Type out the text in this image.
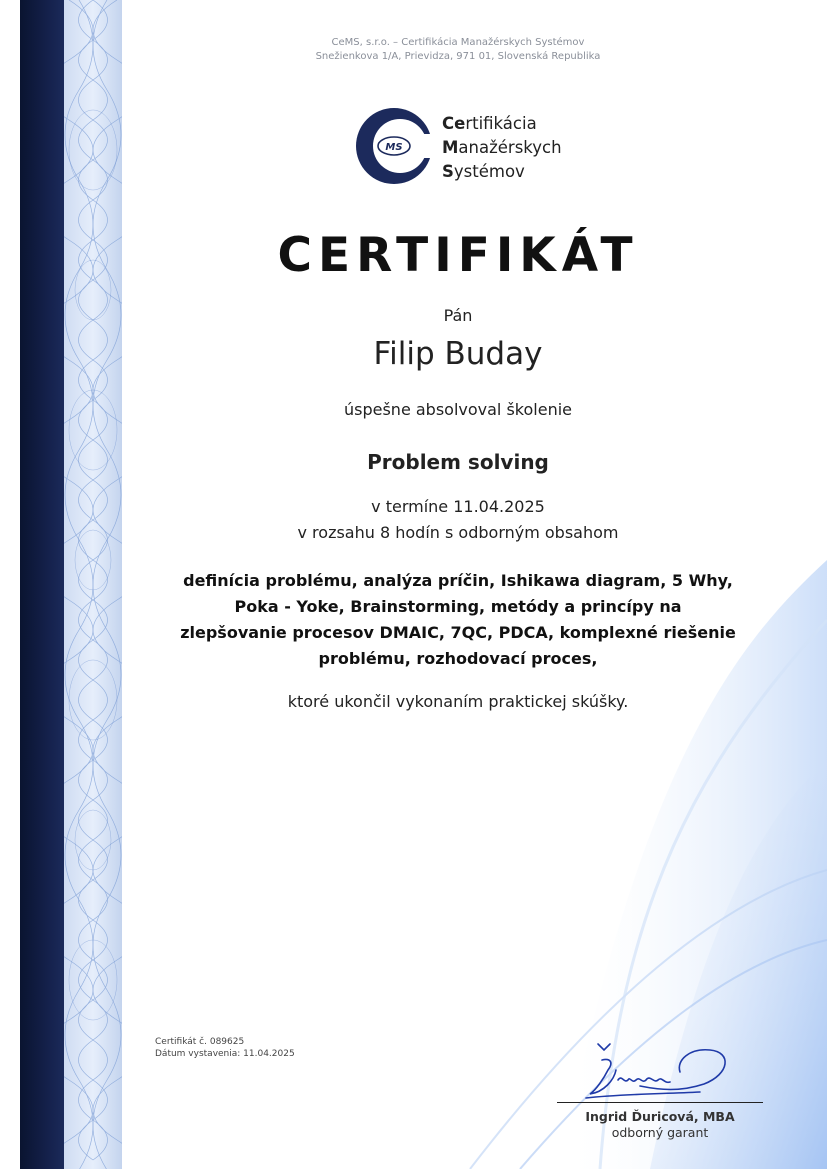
CeMS, s.r.o. – Certifikácia Manažérskych Systémov
Snežienkova 1/A, Prievidza, 971 01, Slovenská Republika
MS
Certifikácia
Manažérskych
Systémov
CERTIFIKÁT
Pán
Filip Buday
úspešne absolvoval školenie
Problem solving
v termíne 11.04.2025
v rozsahu 8 hodín s odborným obsahom
definícia problému, analýza príčin, Ishikawa diagram, 5 Why,
Poka - Yoke, Brainstorming, metódy a princípy na
zlepšovanie procesov DMAIC, 7QC, PDCA, komplexné riešenie
problému, rozhodovací proces,
ktoré ukončil vykonaním praktickej skúšky.
Certifikát č. 089625
Dátum vystavenia: 11.04.2025
Ingrid Ďuricová, MBA
odborný garant
